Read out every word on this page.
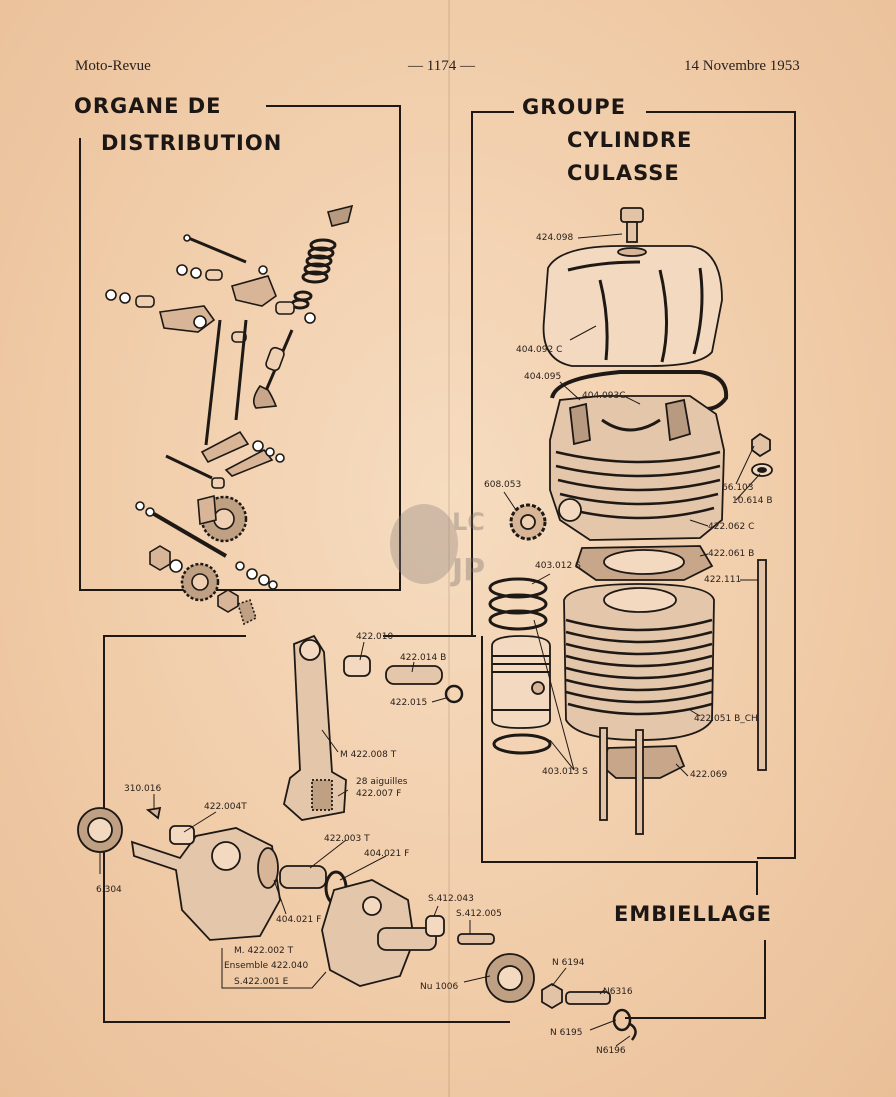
Moto-Revue	— 1174 —	14 Novembre 1953
ORGANE DE
DISTRIBUTION
GROUPE
CYLINDRE
CULASSE
EMBIELLAGE
LC
JP
424.098
404.092 C
404.095
404.093C
66.103
10.614 B
608.053
422.062 C
422.061 B
403.012 S
422.111
422.051 B_CH
403.013 S	422.069
422.010
422.014 B
422.015
M 422.008 T
28 aiguilles
422.007 F
310.016
422.004T
422.003 T
404.021 F
404.021 F
6.304
M. 422.002 T
Ensemble 422.040
S.422.001 E
S.412.043
S.412.005
Nu 1006
N 6194
N6316
N 6195
N6196
